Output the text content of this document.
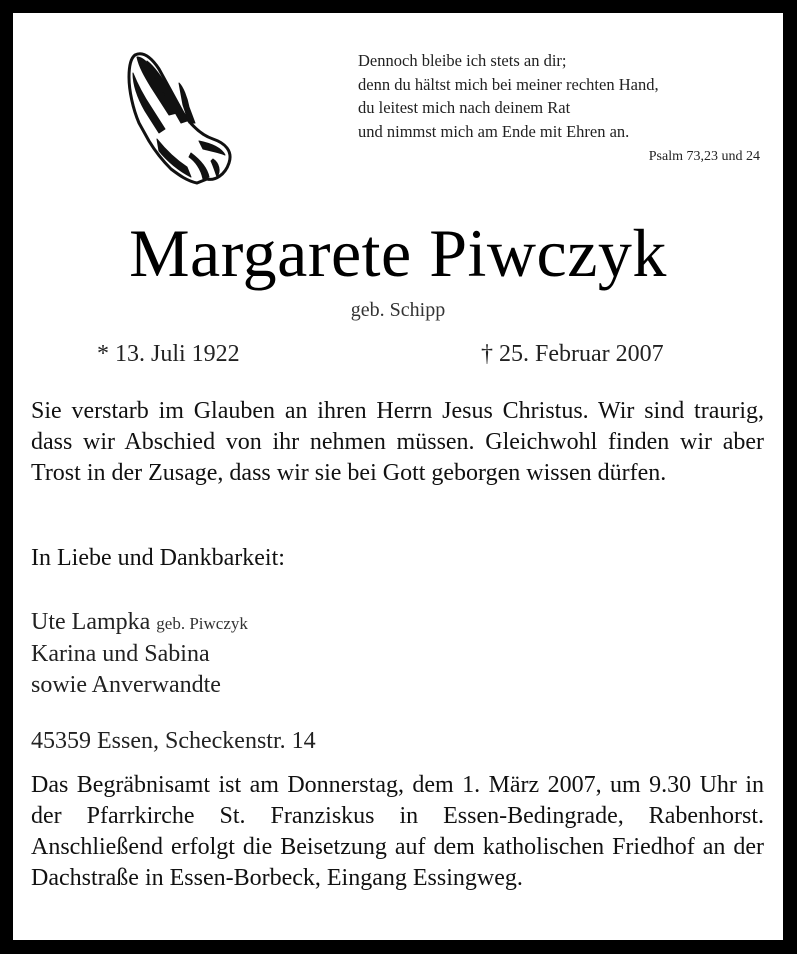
Dennoch bleibe ich stets an dir;
denn du hältst mich bei meiner rechten Hand,
du leitest mich nach deinem Rat
und nimmst mich am Ende mit Ehren an.
Psalm 73,23 und 24
Margarete Piwczyk
geb. Schipp
* 13. Juli 1922	† 25. Februar 2007
Sie verstarb im Glauben an ihren Herrn Jesus Christus. Wir sind traurig, dass wir Abschied von ihr nehmen müssen. Gleichwohl finden wir aber Trost in der Zusage, dass wir sie bei Gott geborgen wissen dürfen.
In Liebe und Dankbarkeit:
Ute Lampka geb. Piwczyk
Karina und Sabina
sowie Anverwandte
45359 Essen, Scheckenstr. 14
Das Begräbnisamt ist am Donnerstag, dem 1. März 2007, um 9.30 Uhr in der Pfarrkirche St. Franziskus in Essen-Bedingrade, Rabenhorst. Anschließend erfolgt die Beisetzung auf dem katholischen Friedhof an der Dachstraße in Essen-Borbeck, Eingang Essingweg.
